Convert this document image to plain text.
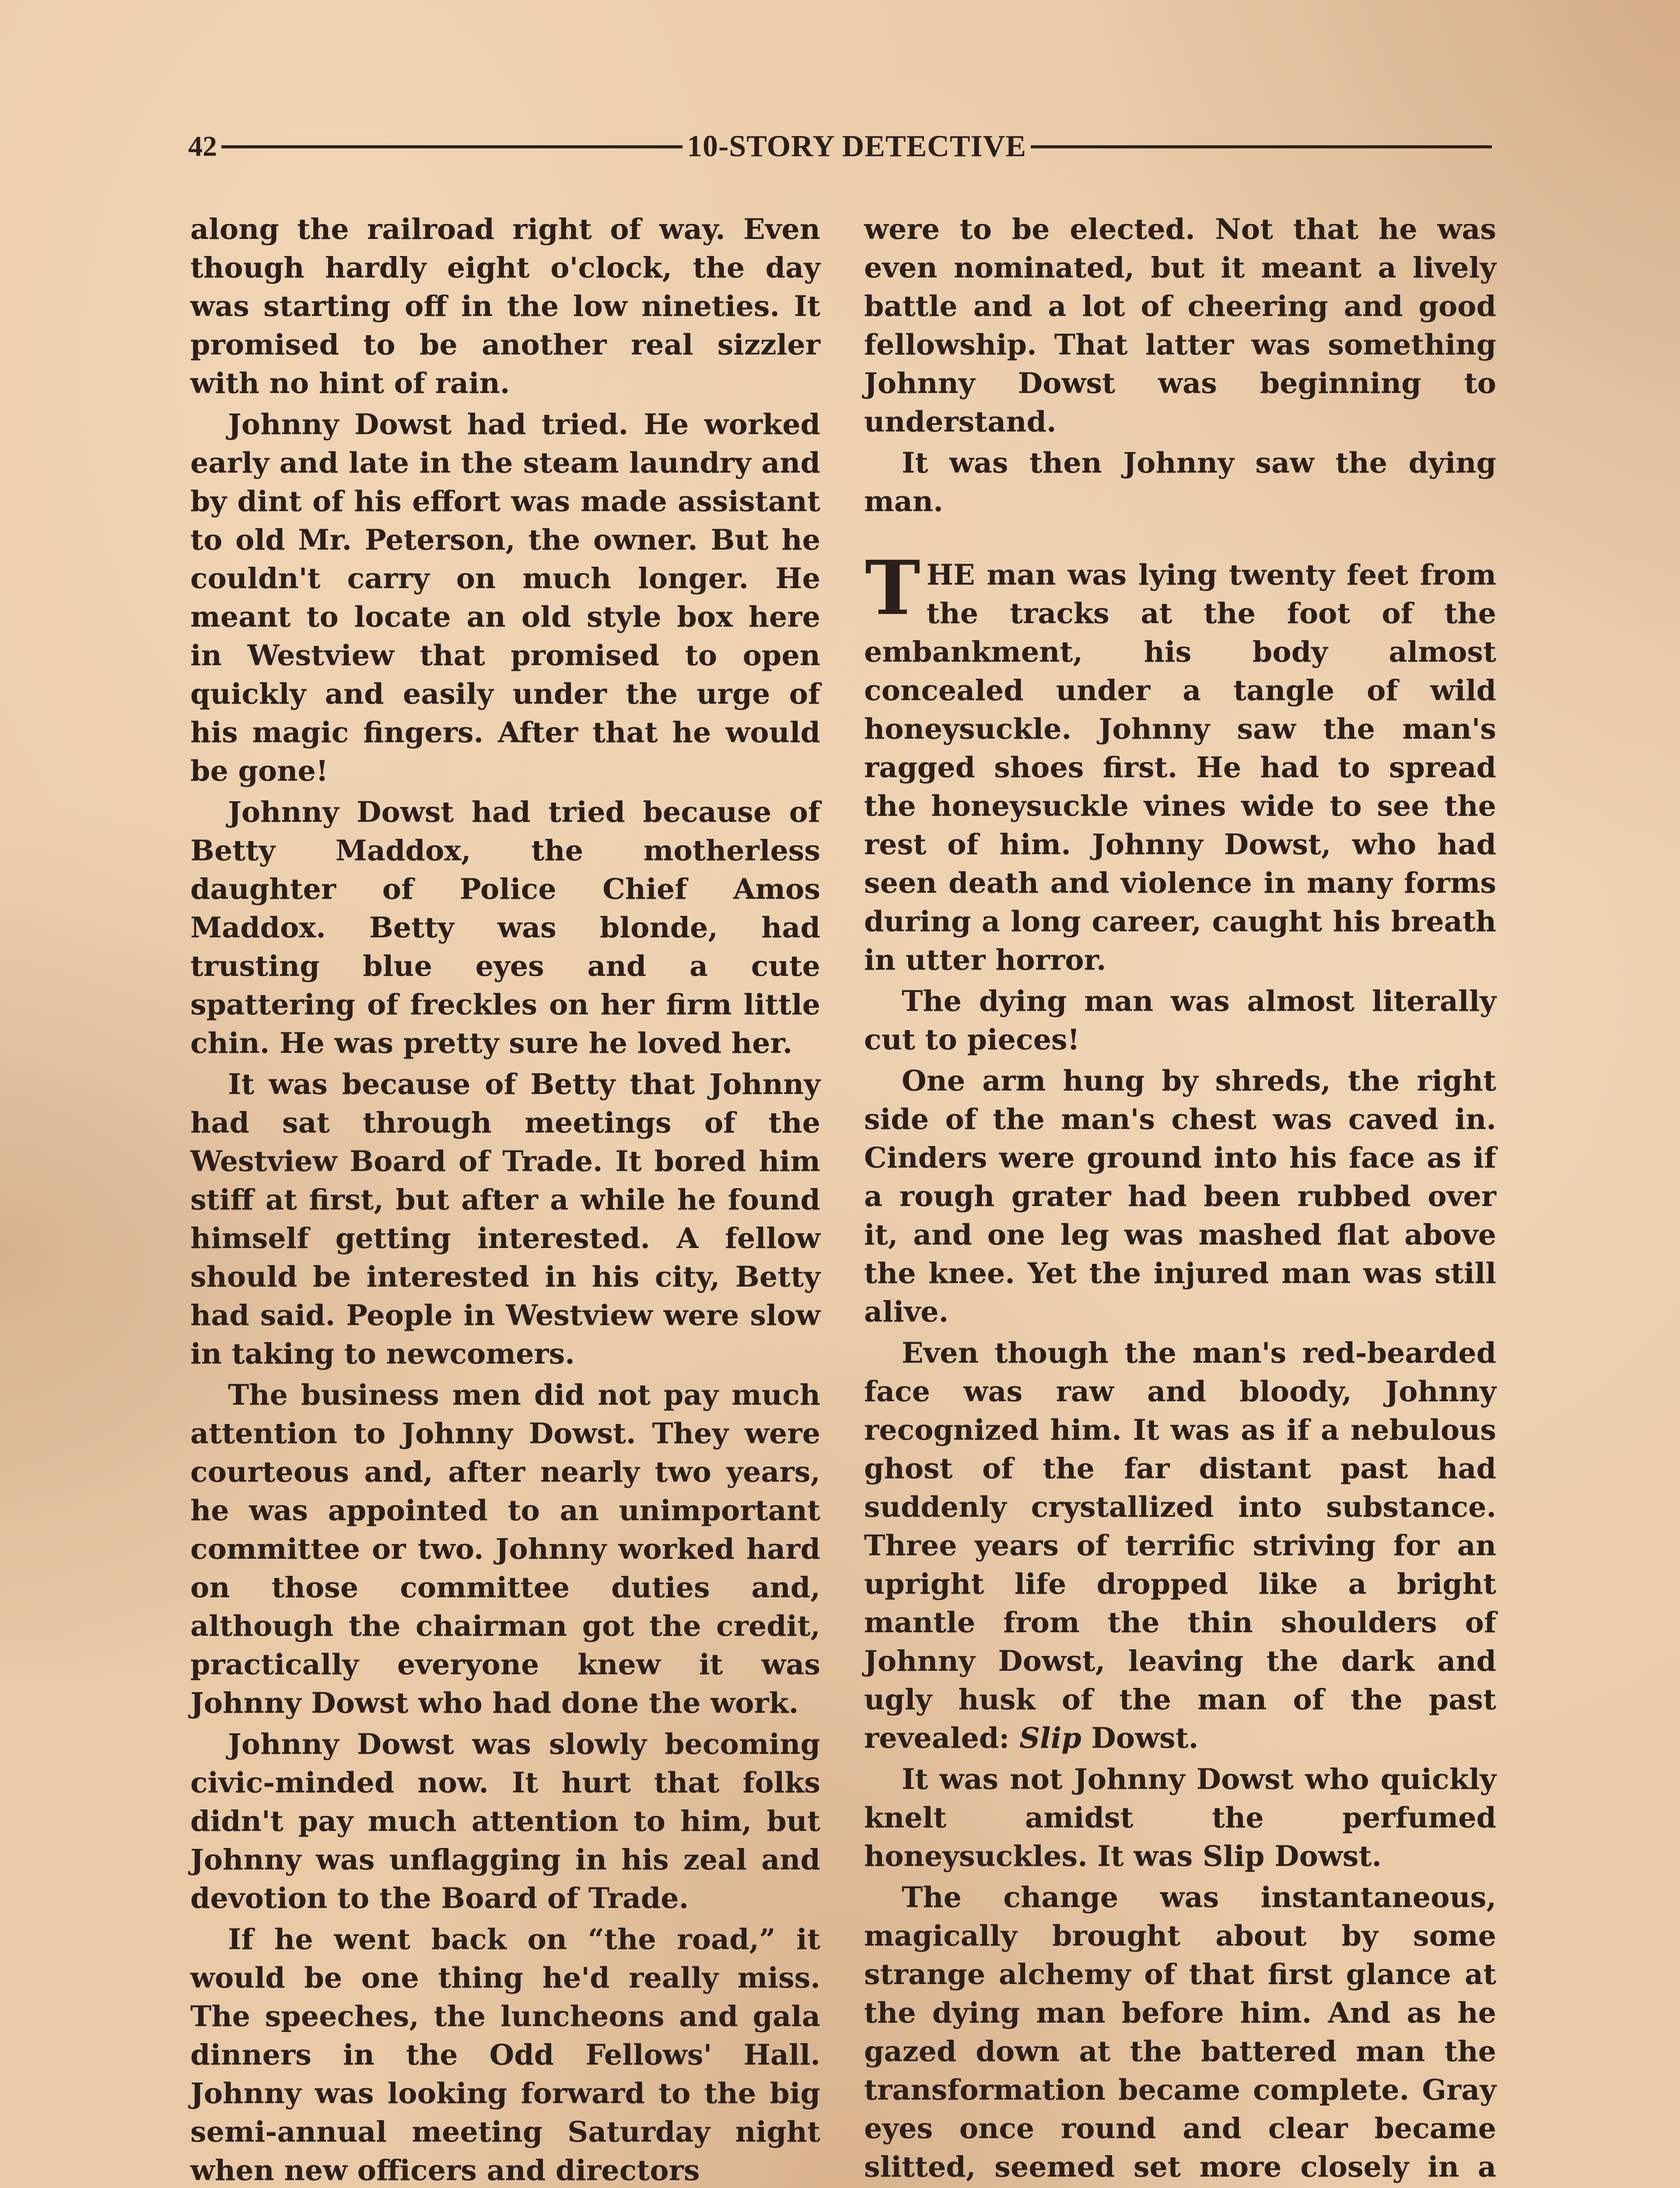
42	10-STORY DETECTIVE

along the railroad right of way. Even though hardly eight o'clock, the day was starting off in the low nineties. It promised to be another real sizzler with no hint of rain.

Johnny Dowst had tried. He worked early and late in the steam laundry and by dint of his effort was made assistant to old Mr. Peterson, the owner. But he couldn't carry on much longer. He meant to locate an old style box here in Westview that promised to open quickly and easily under the urge of his magic fingers. After that he would be gone!

Johnny Dowst had tried because of Betty Maddox, the motherless daughter of Police Chief Amos Maddox. Betty was blonde, had trusting blue eyes and a cute spattering of freckles on her firm little chin. He was pretty sure he loved her.

It was because of Betty that Johnny had sat through meetings of the Westview Board of Trade. It bored him stiff at first, but after a while he found himself getting interested. A fellow should be interested in his city, Betty had said. People in Westview were slow in taking to newcomers.

The business men did not pay much attention to Johnny Dowst. They were courteous and, after nearly two years, he was appointed to an unimportant committee or two. Johnny worked hard on those committee duties and, although the chairman got the credit, practically everyone knew it was Johnny Dowst who had done the work.

Johnny Dowst was slowly becoming civic-minded now. It hurt that folks didn't pay much attention to him, but Johnny was unflagging in his zeal and devotion to the Board of Trade.

If he went back on “the road,” it would be one thing he'd really miss. The speeches, the luncheons and gala dinners in the Odd Fellows' Hall. Johnny was looking forward to the big semi-annual meeting Saturday night when new officers and directors

were to be elected. Not that he was even nominated, but it meant a lively battle and a lot of cheering and good fellowship. That latter was something Johnny Dowst was beginning to understand.

It was then Johnny saw the dying man.

THE man was lying twenty feet from the tracks at the foot of the embankment, his body almost concealed under a tangle of wild honeysuckle. Johnny saw the man's ragged shoes first. He had to spread the honeysuckle vines wide to see the rest of him. Johnny Dowst, who had seen death and violence in many forms during a long career, caught his breath in utter horror.

The dying man was almost literally cut to pieces!

One arm hung by shreds, the right side of the man's chest was caved in. Cinders were ground into his face as if a rough grater had been rubbed over it, and one leg was mashed flat above the knee. Yet the injured man was still alive.

Even though the man's red-bearded face was raw and bloody, Johnny recognized him. It was as if a nebulous ghost of the far distant past had suddenly crystallized into substance. Three years of terrific striving for an upright life dropped like a bright mantle from the thin shoulders of Johnny Dowst, leaving the dark and ugly husk of the man of the past revealed: Slip Dowst.

It was not Johnny Dowst who quickly knelt amidst the perfumed honeysuckles. It was Slip Dowst.

The change was instantaneous, magically brought about by some strange alchemy of that first glance at the dying man before him. And as he gazed down at the battered man the transformation became complete. Gray eyes once round and clear became slitted, seemed set more closely in a
